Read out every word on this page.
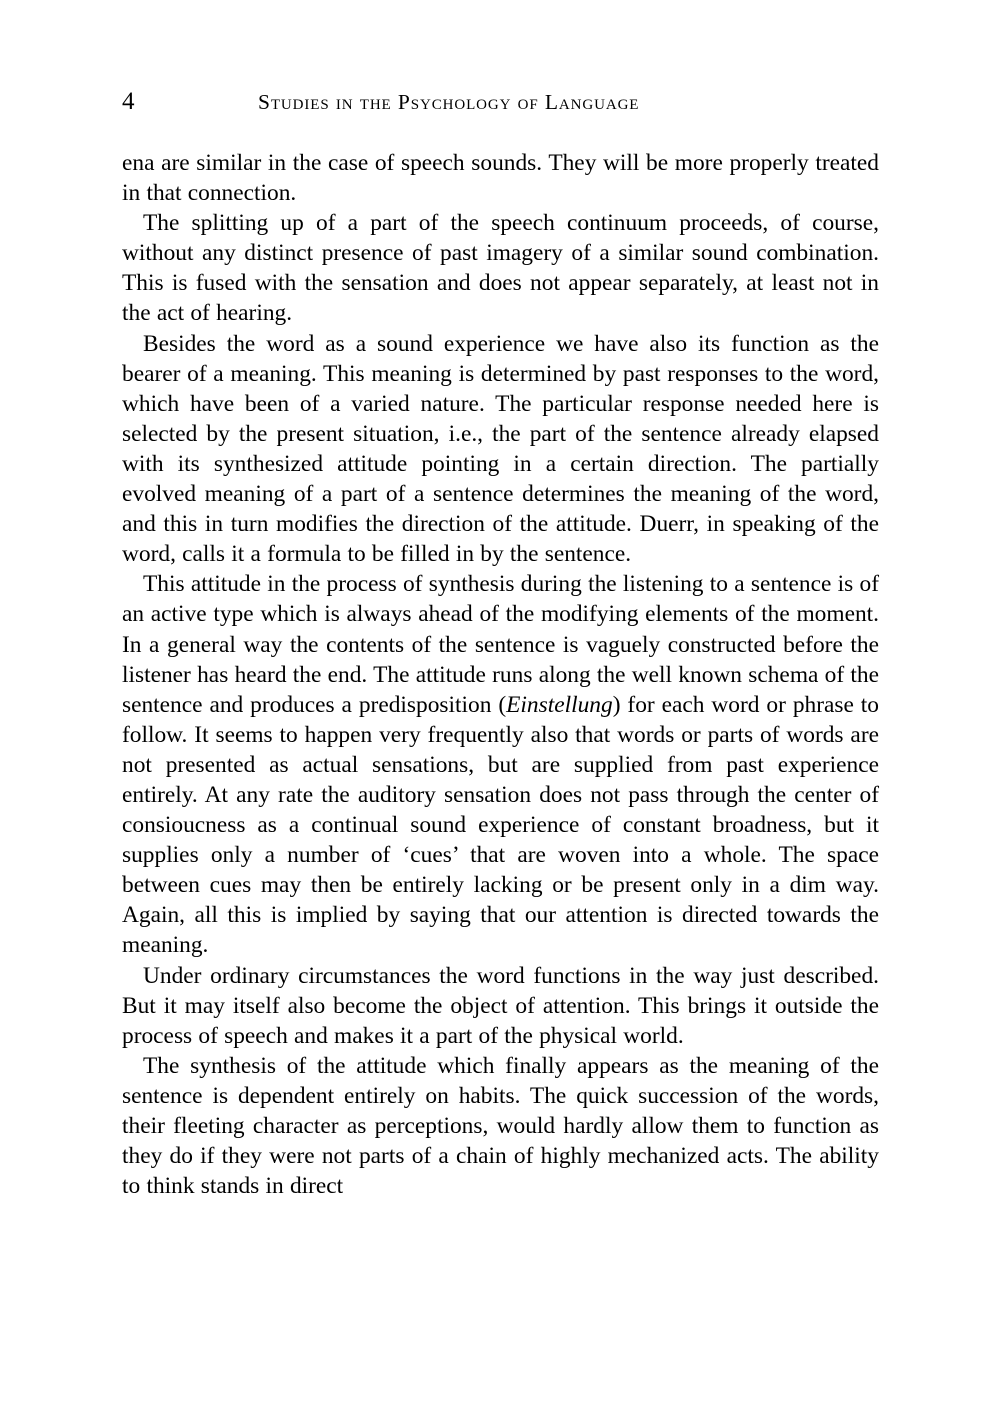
4	Studies in the Psychology of Language

ena are similar in the case of speech sounds. They will be more properly treated in that connection.

The splitting up of a part of the speech continuum proceeds, of course, without any distinct presence of past imagery of a similar sound combination. This is fused with the sensation and does not appear separately, at least not in the act of hearing.

Besides the word as a sound experience we have also its function as the bearer of a meaning. This meaning is determined by past responses to the word, which have been of a varied nature. The particular response needed here is selected by the present situation, i.e., the part of the sentence already elapsed with its synthesized attitude pointing in a certain direction. The partially evolved meaning of a part of a sentence determines the meaning of the word, and this in turn modifies the direction of the attitude. Duerr, in speaking of the word, calls it a formula to be filled in by the sentence.

This attitude in the process of synthesis during the listening to a sentence is of an active type which is always ahead of the modifying elements of the moment. In a general way the contents of the sentence is vaguely constructed before the listener has heard the end. The attitude runs along the well known schema of the sentence and produces a predisposition (Einstellung) for each word or phrase to follow. It seems to happen very frequently also that words or parts of words are not presented as actual sensations, but are supplied from past experience entirely. At any rate the auditory sensation does not pass through the center of consioucness as a continual sound experience of constant broadness, but it supplies only a number of ‘cues’ that are woven into a whole. The space between cues may then be entirely lacking or be present only in a dim way. Again, all this is implied by saying that our attention is directed towards the meaning.

Under ordinary circumstances the word functions in the way just described. But it may itself also become the object of attention. This brings it outside the process of speech and makes it a part of the physical world.

The synthesis of the attitude which finally appears as the meaning of the sentence is dependent entirely on habits. The quick succession of the words, their fleeting character as perceptions, would hardly allow them to function as they do if they were not parts of a chain of highly mechanized acts. The ability to think stands in direct
